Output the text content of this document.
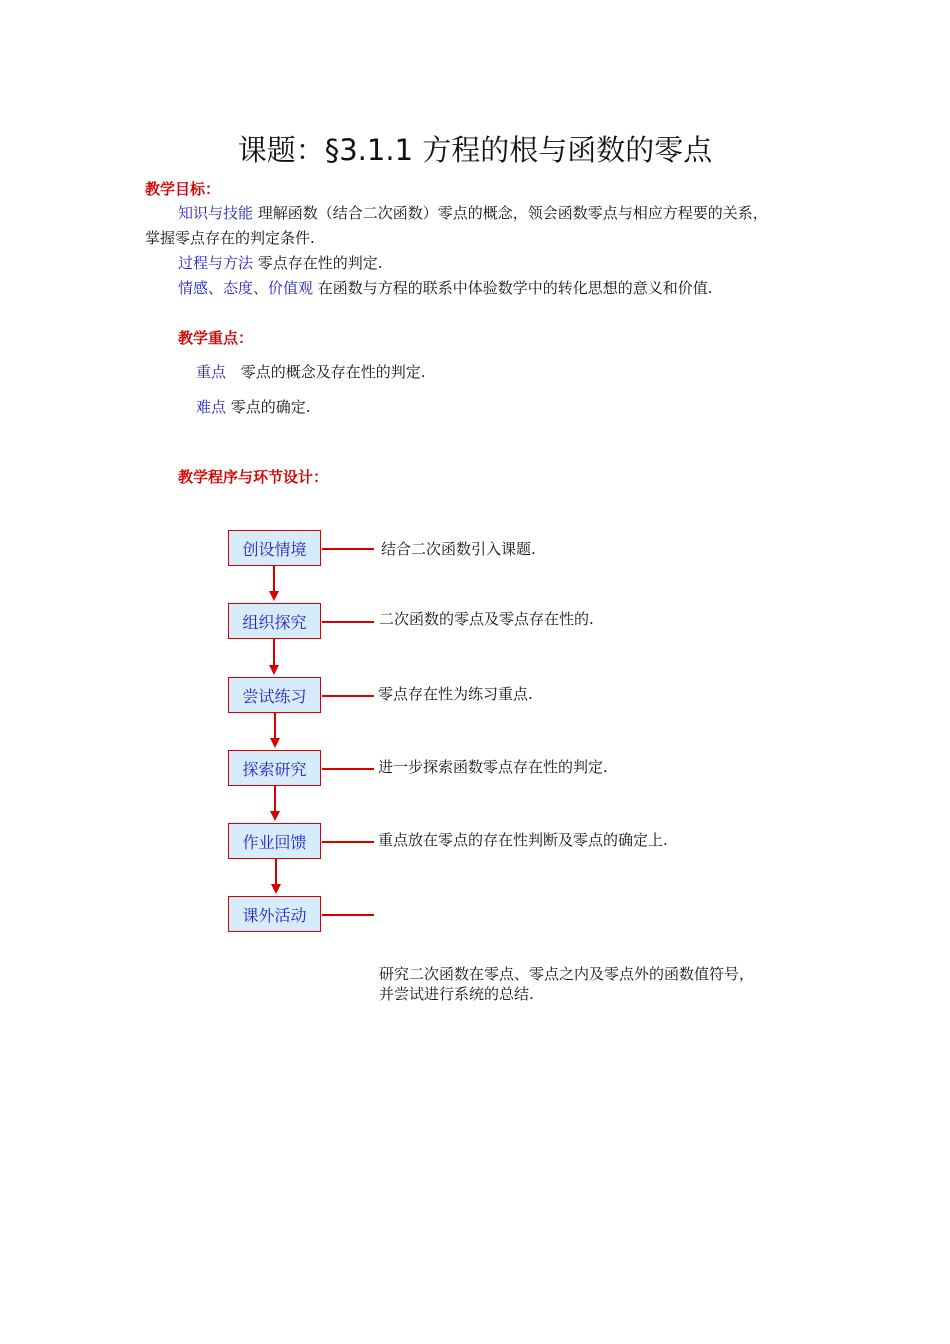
课题：§3.1.1 方程的根与函数的零点
教学目标：
知识与技能 理解函数（结合二次函数）零点的概念，领会函数零点与相应方程要的关系，
掌握零点存在的判定条件.
过程与方法 零点存在性的判定.
情感、态度、价值观 在函数与方程的联系中体验数学中的转化思想的意义和价值.
教学重点：
重点 零点的概念及存在性的判定.
难点 零点的确定.
教学程序与环节设计：
创设情境
组织探究
尝试练习
探索研究
作业回馈
课外活动
结合二次函数引入课题.
二次函数的零点及零点存在性的.
零点存在性为练习重点.
进一步探索函数零点存在性的判定.
重点放在零点的存在性判断及零点的确定上.
研究二次函数在零点、零点之内及零点外的函数值符号，
并尝试进行系统的总结.
